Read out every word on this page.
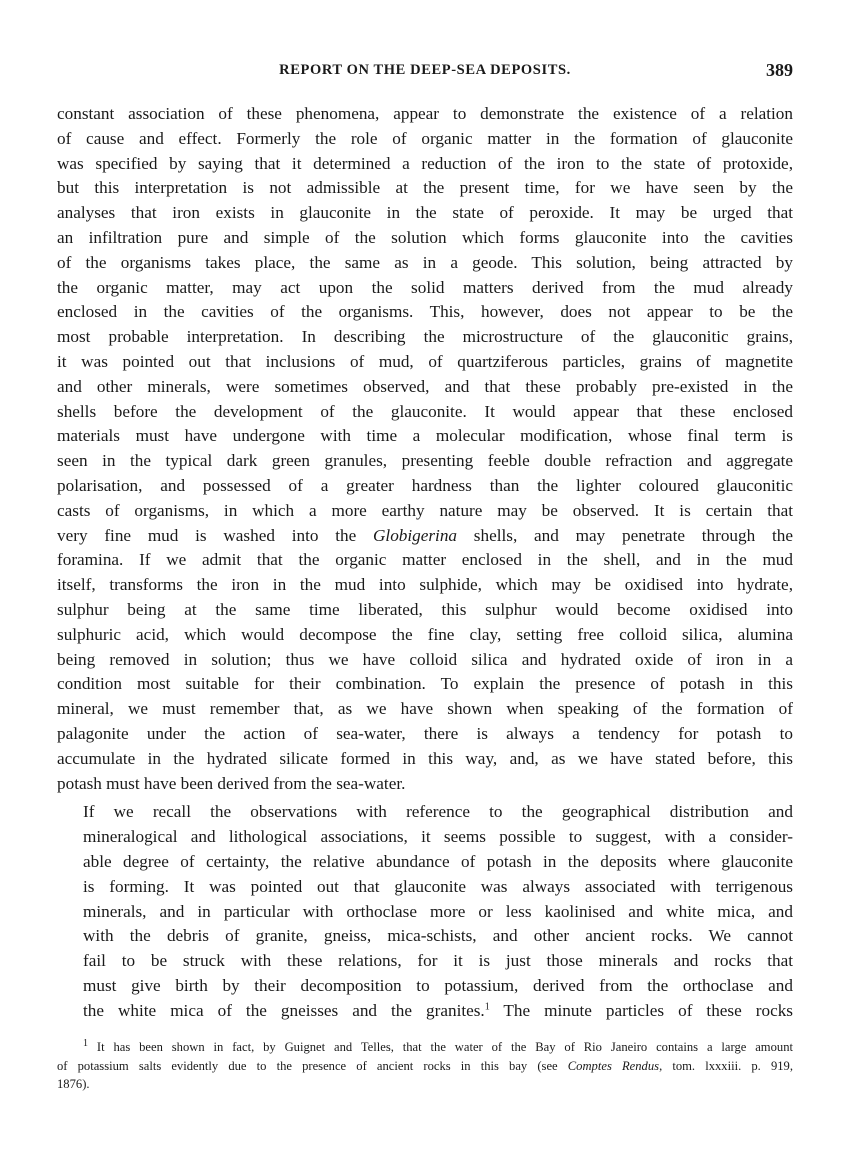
REPORT ON THE DEEP-SEA DEPOSITS.	389

constant association of these phenomena, appear to demonstrate the existence of a relation
of cause and effect. Formerly the role of organic matter in the formation of glauconite
was specified by saying that it determined a reduction of the iron to the state of protoxide,
but this interpretation is not admissible at the present time, for we have seen by the
analyses that iron exists in glauconite in the state of peroxide. It may be urged that
an infiltration pure and simple of the solution which forms glauconite into the cavities
of the organisms takes place, the same as in a geode. This solution, being attracted by
the organic matter, may act upon the solid matters derived from the mud already
enclosed in the cavities of the organisms. This, however, does not appear to be the
most probable interpretation. In describing the microstructure of the glauconitic grains,
it was pointed out that inclusions of mud, of quartziferous particles, grains of magnetite
and other minerals, were sometimes observed, and that these probably pre-existed in the
shells before the development of the glauconite. It would appear that these enclosed
materials must have undergone with time a molecular modification, whose final term is
seen in the typical dark green granules, presenting feeble double refraction and aggregate
polarisation, and possessed of a greater hardness than the lighter coloured glauconitic
casts of organisms, in which a more earthy nature may be observed. It is certain that
very fine mud is washed into the Globigerina shells, and may penetrate through the
foramina. If we admit that the organic matter enclosed in the shell, and in the mud
itself, transforms the iron in the mud into sulphide, which may be oxidised into hydrate,
sulphur being at the same time liberated, this sulphur would become oxidised into
sulphuric acid, which would decompose the fine clay, setting free colloid silica, alumina
being removed in solution; thus we have colloid silica and hydrated oxide of iron in a
condition most suitable for their combination. To explain the presence of potash in this
mineral, we must remember that, as we have shown when speaking of the formation of
palagonite under the action of sea-water, there is always a tendency for potash to
accumulate in the hydrated silicate formed in this way, and, as we have stated before, this
potash must have been derived from the sea-water.

If we recall the observations with reference to the geographical distribution and
mineralogical and lithological associations, it seems possible to suggest, with a consider-
able degree of certainty, the relative abundance of potash in the deposits where glauconite
is forming. It was pointed out that glauconite was always associated with terrigenous
minerals, and in particular with orthoclase more or less kaolinised and white mica, and
with the debris of granite, gneiss, mica-schists, and other ancient rocks. We cannot
fail to be struck with these relations, for it is just those minerals and rocks that
must give birth by their decomposition to potassium, derived from the orthoclase and
the white mica of the gneisses and the granites.$^1$ The minute particles of these rocks

$^1$ It has been shown in fact, by Guignet and Telles, that the water of the Bay of Rio Janeiro contains a large amount
of potassium salts evidently due to the presence of ancient rocks in this bay (see Comptes Rendus, tom. lxxxiii. p. 919,
1876).
